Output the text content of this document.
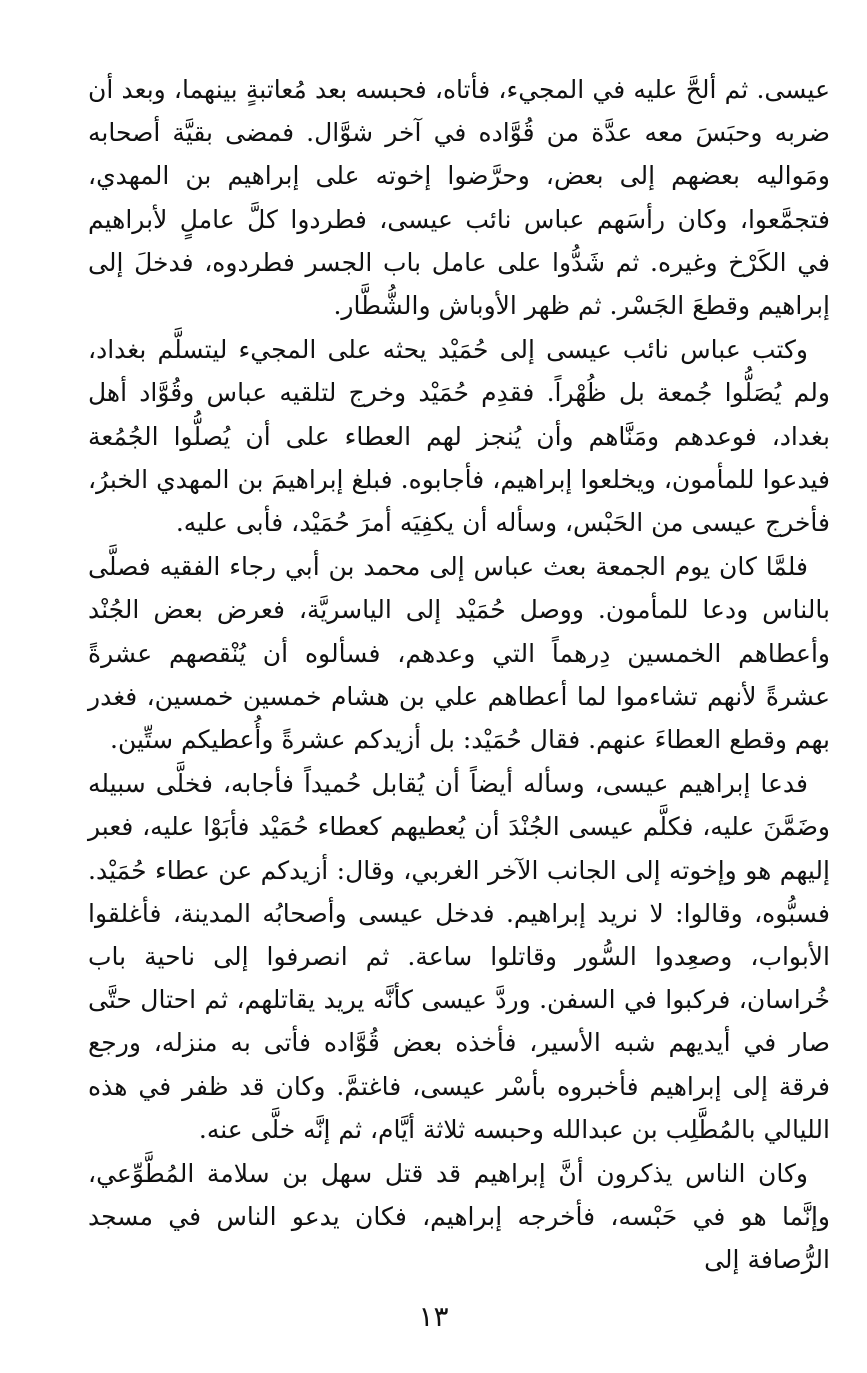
عيسى. ثم ألحَّ عليه في المجيء، فأتاه، فحبسه بعد مُعاتبةٍ بينهما، وبعد أن ضربه وحبَسَ معه عدَّة من قُوَّاده في آخر شوَّال. فمضى بقيَّة أصحابه ومَواليه بعضهم إلى بعض، وحرَّضوا إخوته على إبراهيم بن المهدي، فتجمَّعوا، وكان رأسَهم عباس نائب عيسى، فطردوا كلَّ عاملٍ لأبراهيم في الكَرْخ وغيره. ثم شَدُّوا على عامل باب الجسر فطردوه، فدخلَ إلى إبراهيم وقطعَ الجَسْر. ثم ظهر الأوباش والشُّطَّار.

وكتب عباس نائب عيسى إلى حُمَيْد يحثه على المجيء ليتسلَّم بغداد، ولم يُصَلُّوا جُمعة بل ظُهْراً. فقدِم حُمَيْد وخرج لتلقيه عباس وقُوَّاد أهل بغداد، فوعدهم ومَنَّاهم وأن يُنجز لهم العطاء على أن يُصلُّوا الجُمُعة فيدعوا للمأمون، ويخلعوا إبراهيم، فأجابوه. فبلغ إبراهيمَ بن المهدي الخبرُ، فأخرج عيسى من الحَبْس، وسأله أن يكفِيَه أمرَ حُمَيْد، فأبى عليه.

فلمَّا كان يوم الجمعة بعث عباس إلى محمد بن أبي رجاء الفقيه فصلَّى بالناس ودعا للمأمون. ووصل حُمَيْد إلى الياسريَّة، فعرض بعض الجُنْد وأعطاهم الخمسين دِرهماً التي وعدهم، فسألوه أن يُنْقصهم عشرةً عشرةً لأنهم تشاءموا لما أعطاهم علي بن هشام خمسين خمسين، فغدر بهم وقطع العطاءَ عنهم. فقال حُمَيْد: بل أزيدكم عشرةً وأُعطيكم ستِّين.

فدعا إبراهيم عيسى، وسأله أيضاً أن يُقابل حُميداً فأجابه، فخلَّى سبيله وضَمَّنَ عليه، فكلَّم عيسى الجُنْدَ أن يُعطيهم كعطاء حُمَيْد فأبَوْا عليه، فعبر إليهم هو وإخوته إلى الجانب الآخر الغربي، وقال: أزيدكم عن عطاء حُمَيْد. فسبُّوه، وقالوا: لا نريد إبراهيم. فدخل عيسى وأصحابُه المدينة، فأغلقوا الأبواب، وصعِدوا السُّور وقاتلوا ساعة. ثم انصرفوا إلى ناحية باب خُراسان، فركبوا في السفن. وردَّ عيسى كأنَّه يريد يقاتلهم، ثم احتال حتَّى صار في أيديهم شبه الأسير، فأخذه بعض قُوَّاده فأتى به منزله، ورجع فرقة إلى إبراهيم فأخبروه بأسْر عيسى، فاغتمَّ. وكان قد ظفر في هذه الليالي بالمُطَّلِب بن عبدالله وحبسه ثلاثة أيَّام، ثم إنَّه خلَّى عنه.

وكان الناس يذكرون أنَّ إبراهيم قد قتل سهل بن سلامة المُطَّوِّعي، وإنَّما هو في حَبْسه، فأخرجه إبراهيم، فكان يدعو الناس في مسجد الرُّصافة إلى

١٣
